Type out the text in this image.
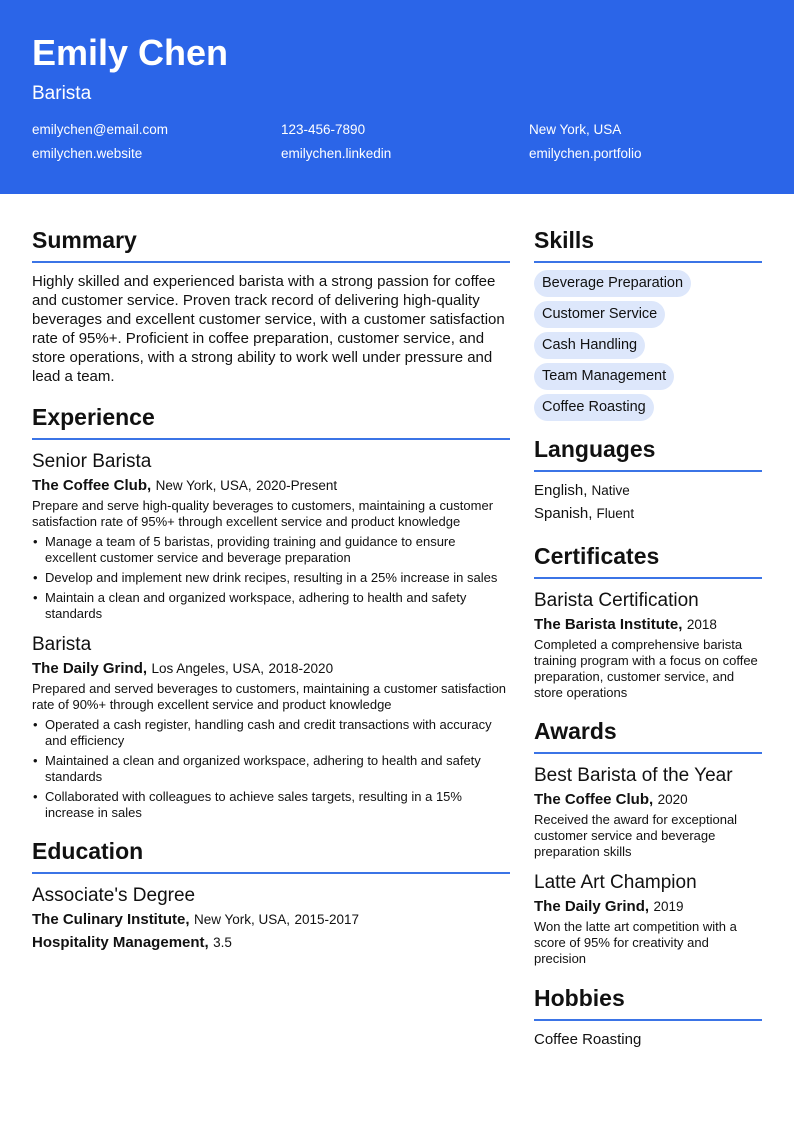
Emily Chen
Barista
emilychen@email.com	123-456-7890	New York, USA
emilychen.website	emilychen.linkedin	emilychen.portfolio
Summary
Highly skilled and experienced barista with a strong passion for coffee and customer service. Proven track record of delivering high-quality beverages and excellent customer service, with a customer satisfaction rate of 95%+. Proficient in coffee preparation, customer service, and store operations, with a strong ability to work well under pressure and lead a team.
Experience
Senior Barista
The Coffee Club, New York, USA, 2020-Present
Prepare and serve high-quality beverages to customers, maintaining a customer satisfaction rate of 95%+ through excellent service and product knowledge
• Manage a team of 5 baristas, providing training and guidance to ensure excellent customer service and beverage preparation
• Develop and implement new drink recipes, resulting in a 25% increase in sales
• Maintain a clean and organized workspace, adhering to health and safety standards
Barista
The Daily Grind, Los Angeles, USA, 2018-2020
Prepared and served beverages to customers, maintaining a customer satisfaction rate of 90%+ through excellent service and product knowledge
• Operated a cash register, handling cash and credit transactions with accuracy and efficiency
• Maintained a clean and organized workspace, adhering to health and safety standards
• Collaborated with colleagues to achieve sales targets, resulting in a 15% increase in sales
Education
Associate's Degree
The Culinary Institute, New York, USA, 2015-2017
Hospitality Management, 3.5
Skills
Beverage Preparation
Customer Service
Cash Handling
Team Management
Coffee Roasting
Languages
English, Native
Spanish, Fluent
Certificates
Barista Certification
The Barista Institute, 2018
Completed a comprehensive barista training program with a focus on coffee preparation, customer service, and store operations
Awards
Best Barista of the Year
The Coffee Club, 2020
Received the award for exceptional customer service and beverage preparation skills
Latte Art Champion
The Daily Grind, 2019
Won the latte art competition with a score of 95% for creativity and precision
Hobbies
Coffee Roasting
